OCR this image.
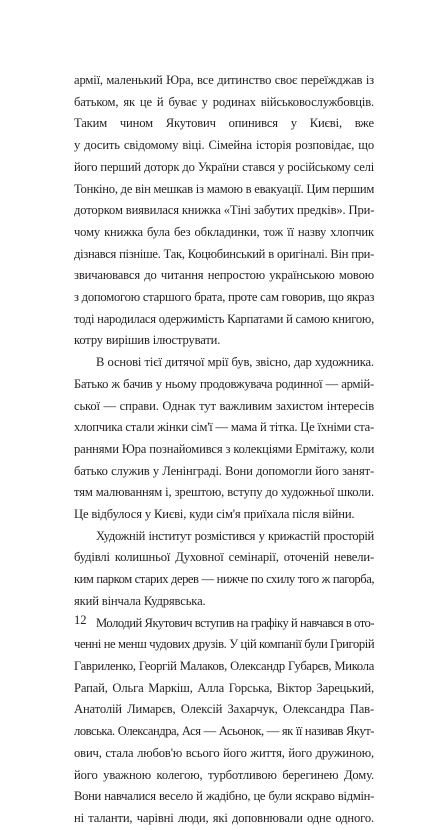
армії, маленький Юра, все дитинство своє переїжджав із
батьком, як це й буває у родинах військовослужбовців.
Таким чином Якутович опинився у Києві, вже
у досить свідомому віці. Сімейна історія розповідає, що
його перший доторк до України стався у російському селі
Тонкіно, де він мешкав із мамою в евакуації. Цим першим
доторком виявилася книжка «Тіні забутих предків». При-
чому книжка була без обкладинки, тож її назву хлопчик
дізнався пізніше. Так, Коцюбинський в оригіналі. Він при-
звичаювався до читання непростою українською мовою
з допомогою старшого брата, проте сам говорив, що якраз
тоді народилася одержимість Карпатами й самою книгою,
котру вирішив ілюструвати.

В основі тієї дитячої мрії був, звісно, дар художника.
Батько ж бачив у ньому продовжувача родинної — армій-
ської — справи. Однак тут важливим захистом інтересів
хлопчика стали жінки сім'ї — мама й тітка. Це їхніми ста-
раннями Юра познайомився з колекціями Ермітажу, коли
батько служив у Ленінграді. Вони допомогли його занят-
тям малюванням і, зрештою, вступу до художньої школи.
Це відбулося у Києві, куди сім'я приїхала після війни.

Художній інститут розмістився у крижастій просторій
будівлі колишньої Духовної семінарії, оточеній невели-
ким парком старих дерев — нижче по схилу того ж пагорба,
який вінчала Кудрявська.

Молодий Якутович вступив на графіку й навчався в ото-
ченні не менш чудових друзів. У цій компанії були Григорій
Гавриленко, Георгій Малаков, Олександр Губарєв, Микола
Рапай, Ольга Маркіш, Алла Горська, Віктор Зарецький,
Анатолій Лимарєв, Олексій Захарчук, Олександра Пав-
ловська. Олександра, Ася — Асьонок, — як її називав Якут-
ович, стала любов'ю всього його життя, його дружиною,
його уважною колегою, турботливою берегинею Дому.
Вони навчалися весело й жадібно, це були яскраво відмін-
ні таланти, чарівні люди, які доповнювали одне одного.

12
